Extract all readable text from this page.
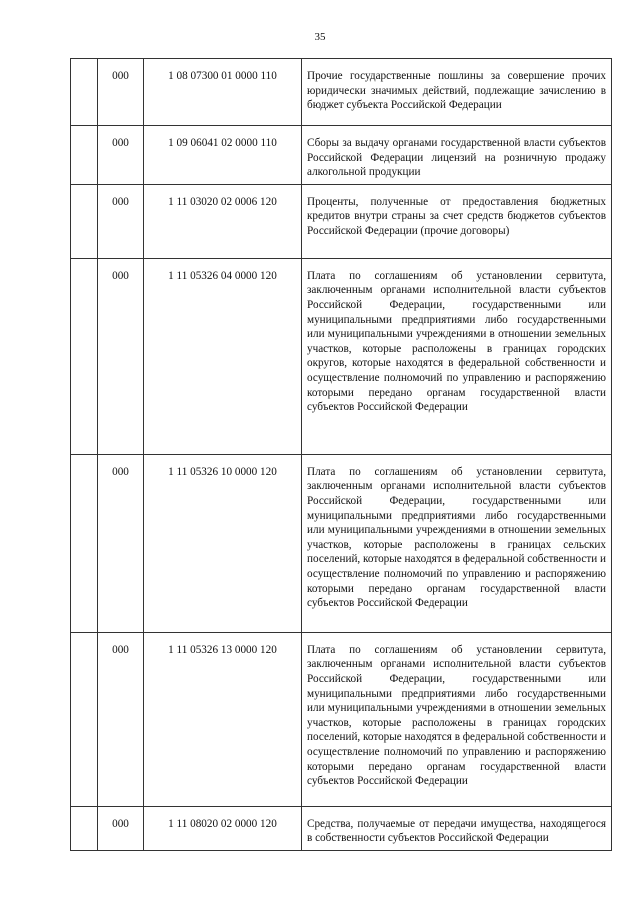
35
	000	1 08 07300 01 0000 110	Прочие государственные пошлины за совершение прочих юридически значимых действий, подлежащие зачислению в бюджет субъекта Российской Федерации
	000	1 09 06041 02 0000 110	Сборы за выдачу органами государственной власти субъектов Российской Федерации лицензий на розничную продажу алкогольной продукции
	000	1 11 03020 02 0006 120	Проценты, полученные от предоставления бюджетных кредитов внутри страны за счет средств бюджетов субъектов Российской Федерации (прочие договоры)
	000	1 11 05326 04 0000 120	Плата по соглашениям об установлении сервитута, заключенным органами исполнительной власти субъектов Российской Федерации, государственными или муниципальными предприятиями либо государственными или муниципальными учреждениями в отношении земельных участков, которые расположены в границах городских округов, которые находятся в федеральной собственности и осуществление полномочий по управлению и распоряжению которыми передано органам государственной власти субъектов Российской Федерации
	000	1 11 05326 10 0000 120	Плата по соглашениям об установлении сервитута, заключенным органами исполнительной власти субъектов Российской Федерации, государственными или муниципальными предприятиями либо государственными или муниципальными учреждениями в отношении земельных участков, которые расположены в границах сельских поселений, которые находятся в федеральной собственности и осуществление полномочий по управлению и распоряжению которыми передано органам государственной власти субъектов Российской Федерации
	000	1 11 05326 13 0000 120	Плата по соглашениям об установлении сервитута, заключенным органами исполнительной власти субъектов Российской Федерации, государственными или муниципальными предприятиями либо государственными или муниципальными учреждениями в отношении земельных участков, которые расположены в границах городских поселений, которые находятся в федеральной собственности и осуществление полномочий по управлению и распоряжению которыми передано органам государственной власти субъектов Российской Федерации
	000	1 11 08020 02 0000 120	Средства, получаемые от передачи имущества, находящегося в собственности субъектов Российской Федерации
